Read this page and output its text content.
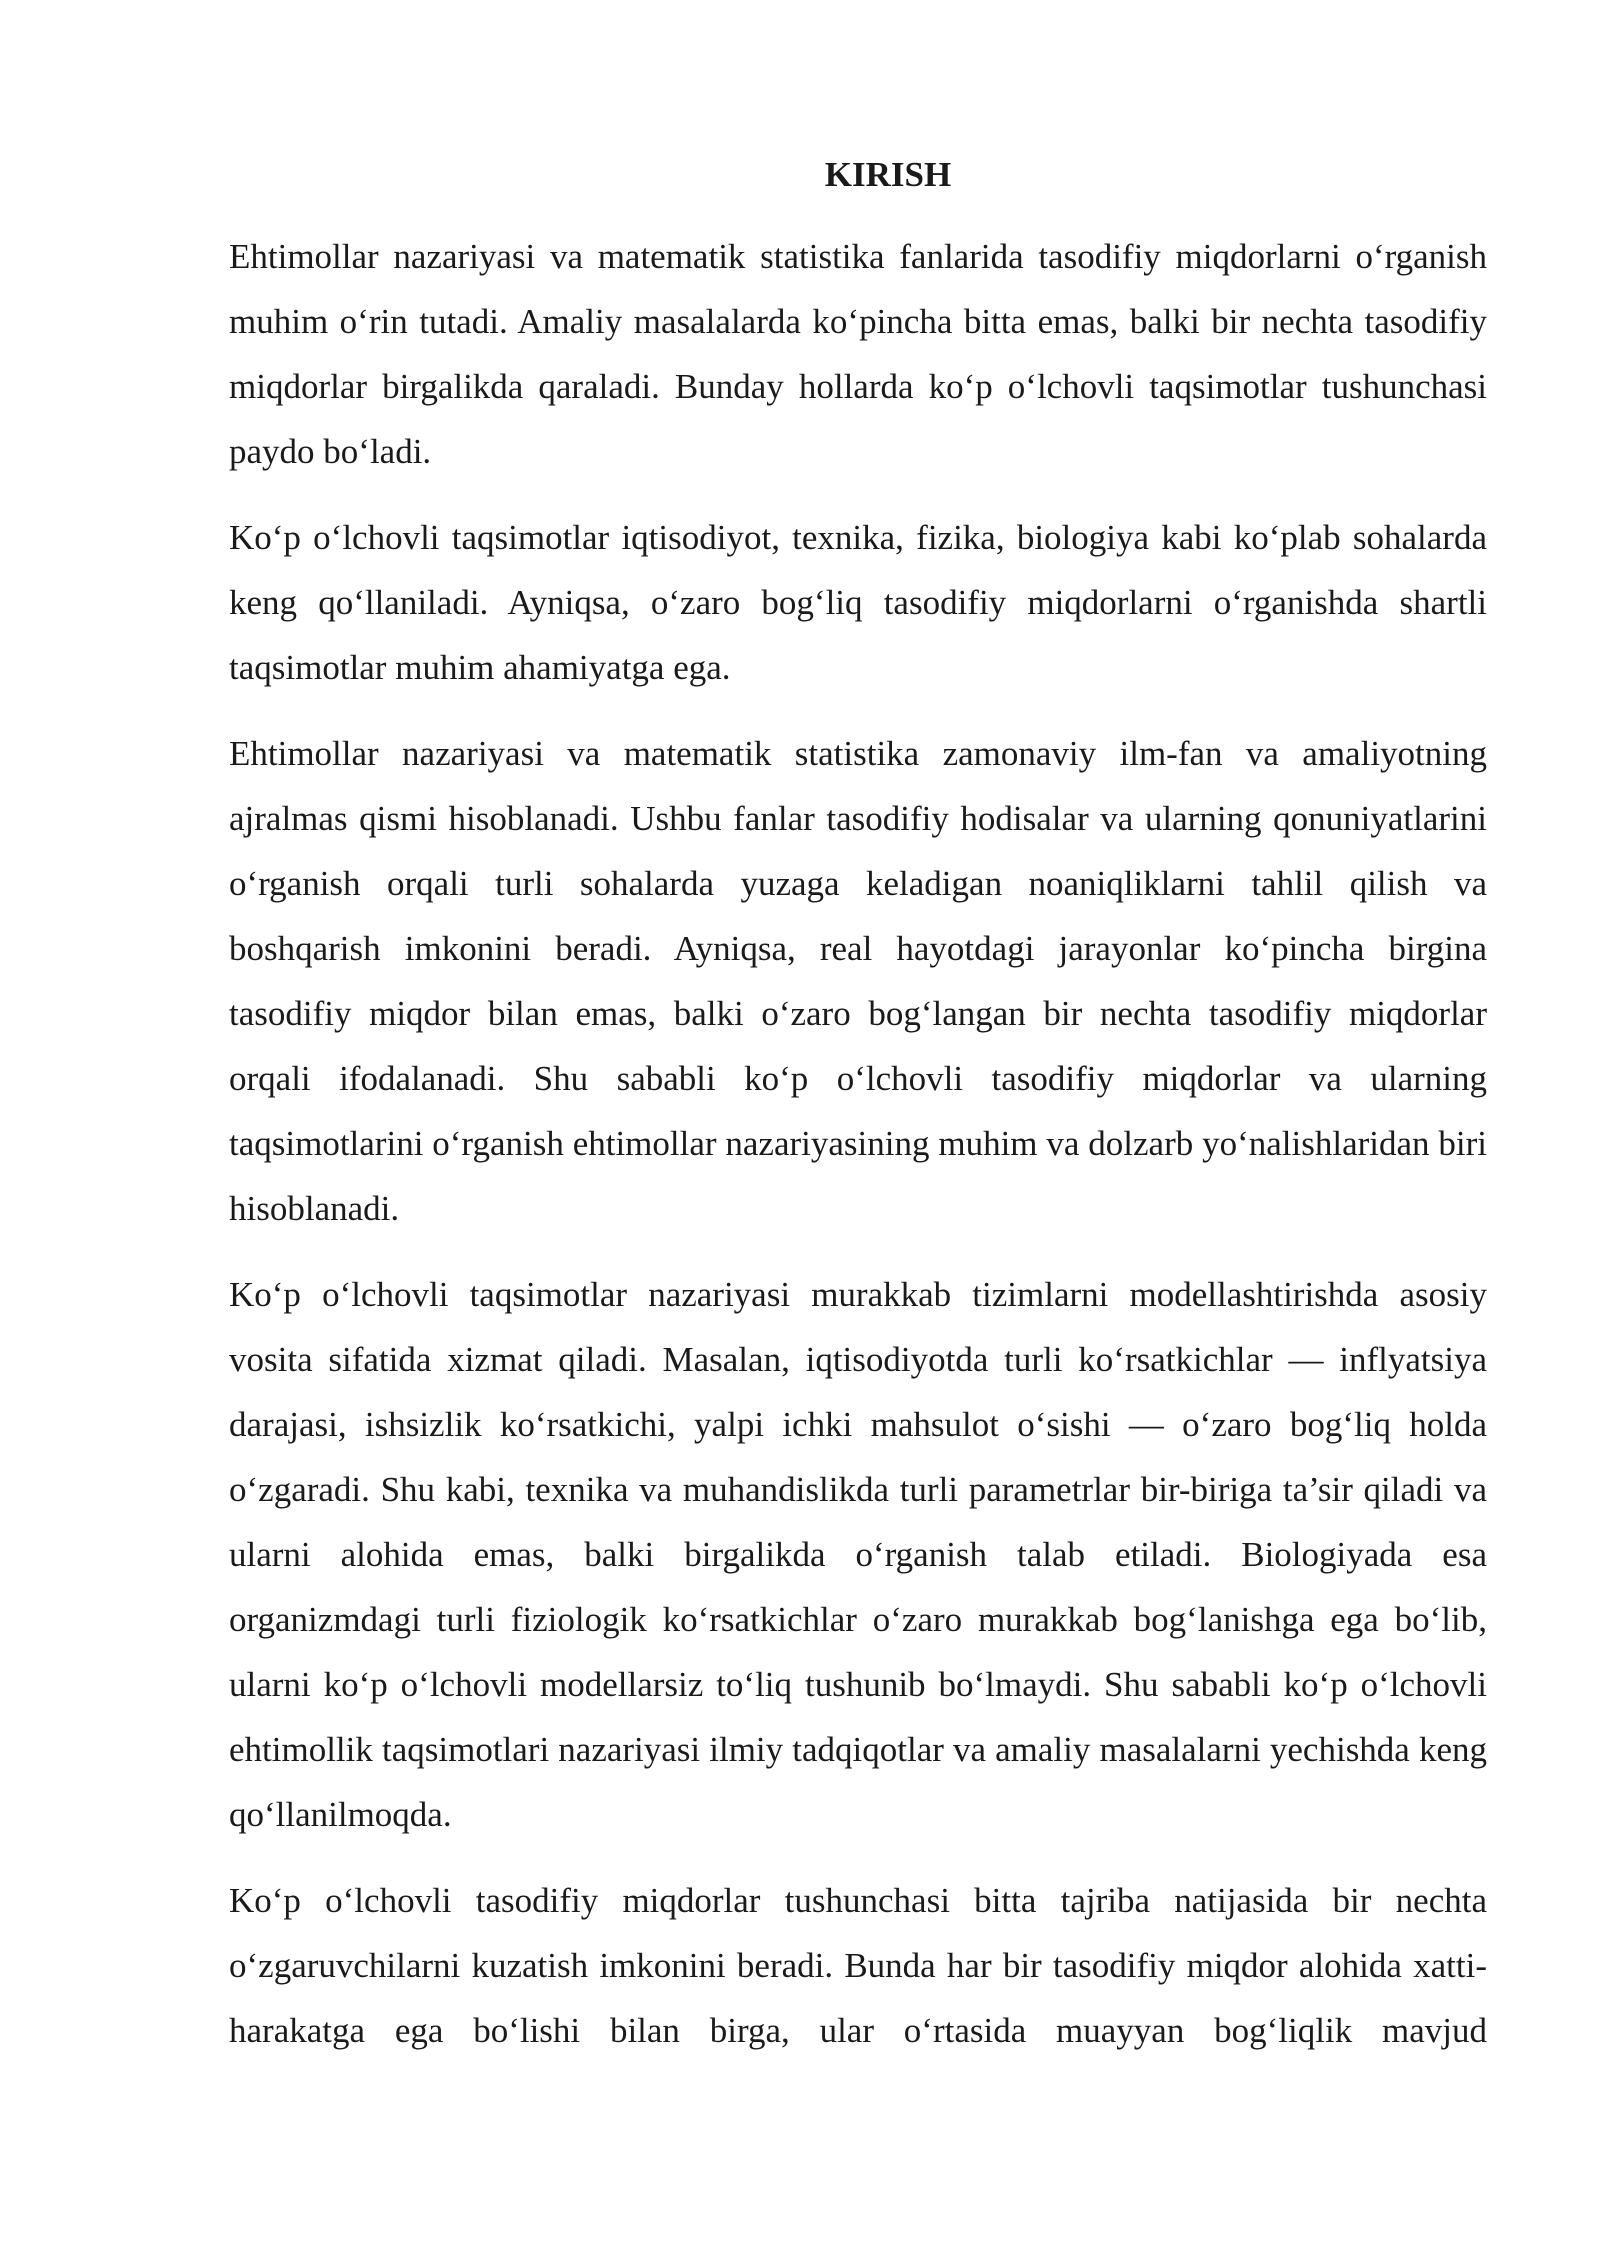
KIRISH

Ehtimollar nazariyasi va matematik statistika fanlarida tasodifiy miqdorlarni o‘rganish muhim o‘rin tutadi. Amaliy masalalarda ko‘pincha bitta emas, balki bir nechta tasodifiy miqdorlar birgalikda qaraladi. Bunday hollarda ko‘p o‘lchovli taqsimotlar tushunchasi paydo bo‘ladi.

Ko‘p o‘lchovli taqsimotlar iqtisodiyot, texnika, fizika, biologiya kabi ko‘plab sohalarda keng qo‘llaniladi. Ayniqsa, o‘zaro bog‘liq tasodifiy miqdorlarni o‘rganishda shartli taqsimotlar muhim ahamiyatga ega.

Ehtimollar nazariyasi va matematik statistika zamonaviy ilm-fan va amaliyotning ajralmas qismi hisoblanadi. Ushbu fanlar tasodifiy hodisalar va ularning qonuniyatlarini o‘rganish orqali turli sohalarda yuzaga keladigan noaniqliklarni tahlil qilish va boshqarish imkonini beradi. Ayniqsa, real hayotdagi jarayonlar ko‘pincha birgina tasodifiy miqdor bilan emas, balki o‘zaro bog‘langan bir nechta tasodifiy miqdorlar orqali ifodalanadi. Shu sababli ko‘p o‘lchovli tasodifiy miqdorlar va ularning taqsimotlarini o‘rganish ehtimollar nazariyasining muhim va dolzarb yo‘nalishlaridan biri hisoblanadi.

Ko‘p o‘lchovli taqsimotlar nazariyasi murakkab tizimlarni modellashtirishda asosiy vosita sifatida xizmat qiladi. Masalan, iqtisodiyotda turli ko‘rsatkichlar — inflyatsiya darajasi, ishsizlik ko‘rsatkichi, yalpi ichki mahsulot o‘sishi — o‘zaro bog‘liq holda o‘zgaradi. Shu kabi, texnika va muhandislikda turli parametrlar bir-biriga ta’sir qiladi va ularni alohida emas, balki birgalikda o‘rganish talab etiladi. Biologiyada esa organizmdagi turli fiziologik ko‘rsatkichlar o‘zaro murakkab bog‘lanishga ega bo‘lib, ularni ko‘p o‘lchovli modellarsiz to‘liq tushunib bo‘lmaydi. Shu sababli ko‘p o‘lchovli ehtimollik taqsimotlari nazariyasi ilmiy tadqiqotlar va amaliy masalalarni yechishda keng qo‘llanilmoqda.

Ko‘p o‘lchovli tasodifiy miqdorlar tushunchasi bitta tajriba natijasida bir nechta o‘zgaruvchilarni kuzatish imkonini beradi. Bunda har bir tasodifiy miqdor alohida xatti-harakatga ega bo‘lishi bilan birga, ular o‘rtasida muayyan bog‘liqlik mavjud
